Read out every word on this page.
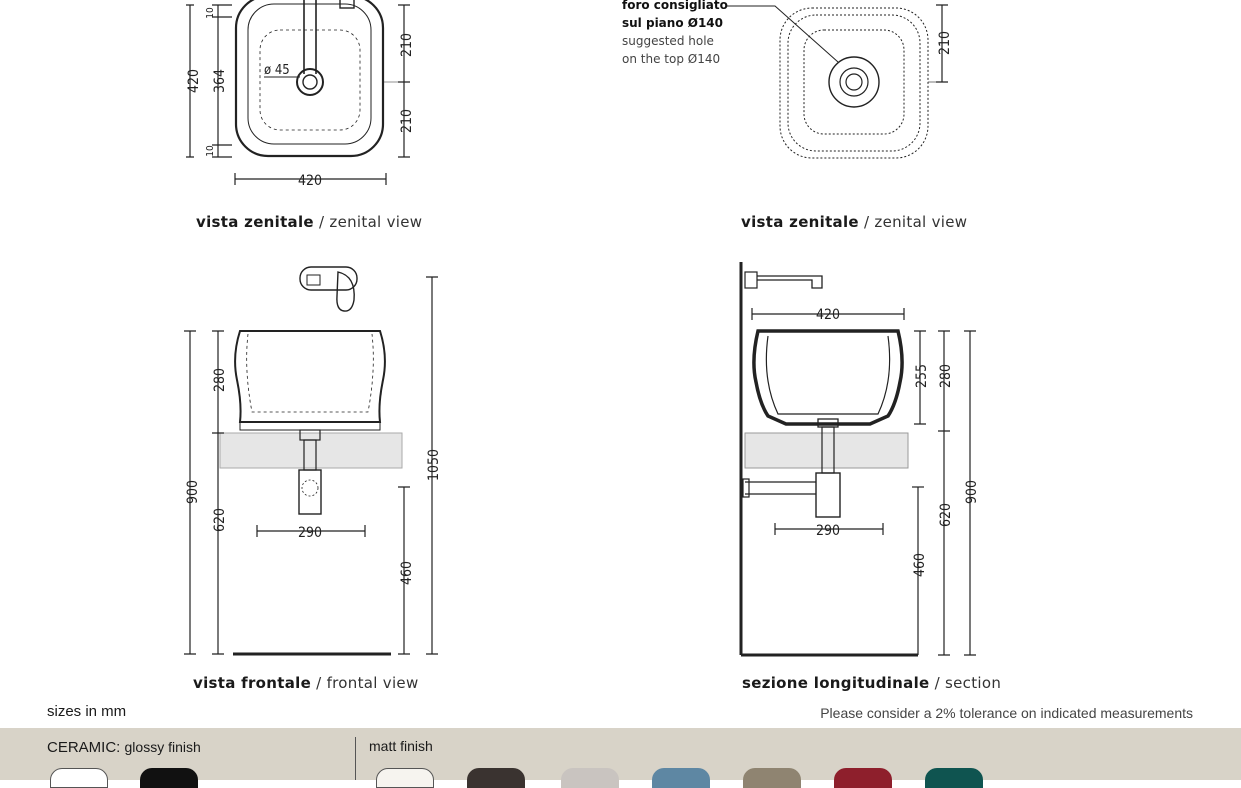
420 364
10
10
210
210
420
ø 45
210
900
280
620
460
1050
290
420
255 280
620
900
460
290
foro consigliato
sul piano Ø140
suggested hole
on the top Ø140
vista zenitale / zenital view	vista zenitale / zenital view
vista frontale / frontal view	sezione longitudinale / section
sizes in mm	Please consider a 2% tolerance on indicated measurements
CERAMIC: glossy finish	matt finish
